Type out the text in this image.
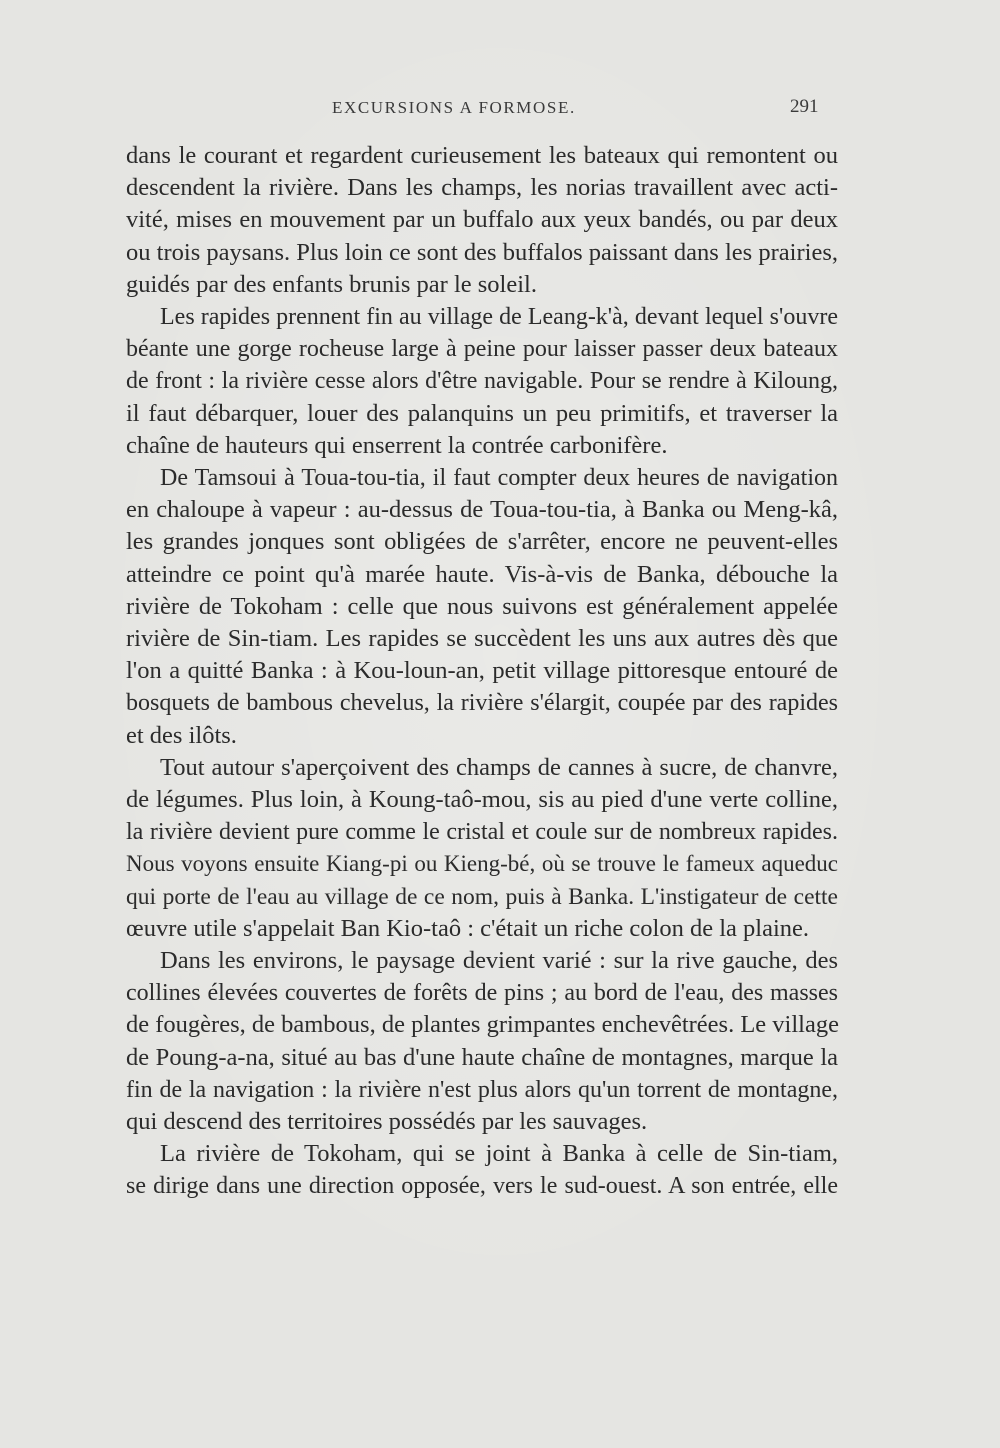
EXCURSIONS A FORMOSE.	291
dans le courant et regardent curieusement les bateaux qui remontent ou
descendent la rivière. Dans les champs, les norias travaillent avec acti-
vité, mises en mouvement par un buffalo aux yeux bandés, ou par deux
ou trois paysans. Plus loin ce sont des buffalos paissant dans les prairies,
guidés par des enfants brunis par le soleil.
Les rapides prennent fin au village de Leang-k'à, devant lequel s'ouvre
béante une gorge rocheuse large à peine pour laisser passer deux bateaux
de front : la rivière cesse alors d'être navigable. Pour se rendre à Kiloung,
il faut débarquer, louer des palanquins un peu primitifs, et traverser la
chaîne de hauteurs qui enserrent la contrée carbonifère.
De Tamsoui à Toua-tou-tia, il faut compter deux heures de navigation
en chaloupe à vapeur : au-dessus de Toua-tou-tia, à Banka ou Meng-kâ,
les grandes jonques sont obligées de s'arrêter, encore ne peuvent-elles
atteindre ce point qu'à marée haute. Vis-à-vis de Banka, débouche la
rivière de Tokoham : celle que nous suivons est généralement appelée
rivière de Sin-tiam. Les rapides se succèdent les uns aux autres dès que
l'on a quitté Banka : à Kou-loun-an, petit village pittoresque entouré de
bosquets de bambous chevelus, la rivière s'élargit, coupée par des rapides
et des ilôts.
Tout autour s'aperçoivent des champs de cannes à sucre, de chanvre,
de légumes. Plus loin, à Koung-taô-mou, sis au pied d'une verte colline,
la rivière devient pure comme le cristal et coule sur de nombreux rapides.
Nous voyons ensuite Kiang-pi ou Kieng-bé, où se trouve le fameux aqueduc
qui porte de l'eau au village de ce nom, puis à Banka. L'instigateur de cette
œuvre utile s'appelait Ban Kio-taô : c'était un riche colon de la plaine.
Dans les environs, le paysage devient varié : sur la rive gauche, des
collines élevées couvertes de forêts de pins ; au bord de l'eau, des masses
de fougères, de bambous, de plantes grimpantes enchevêtrées. Le village
de Poung-a-na, situé au bas d'une haute chaîne de montagnes, marque la
fin de la navigation : la rivière n'est plus alors qu'un torrent de montagne,
qui descend des territoires possédés par les sauvages.
La rivière de Tokoham, qui se joint à Banka à celle de Sin-tiam,
se dirige dans une direction opposée, vers le sud-ouest. A son entrée, elle
